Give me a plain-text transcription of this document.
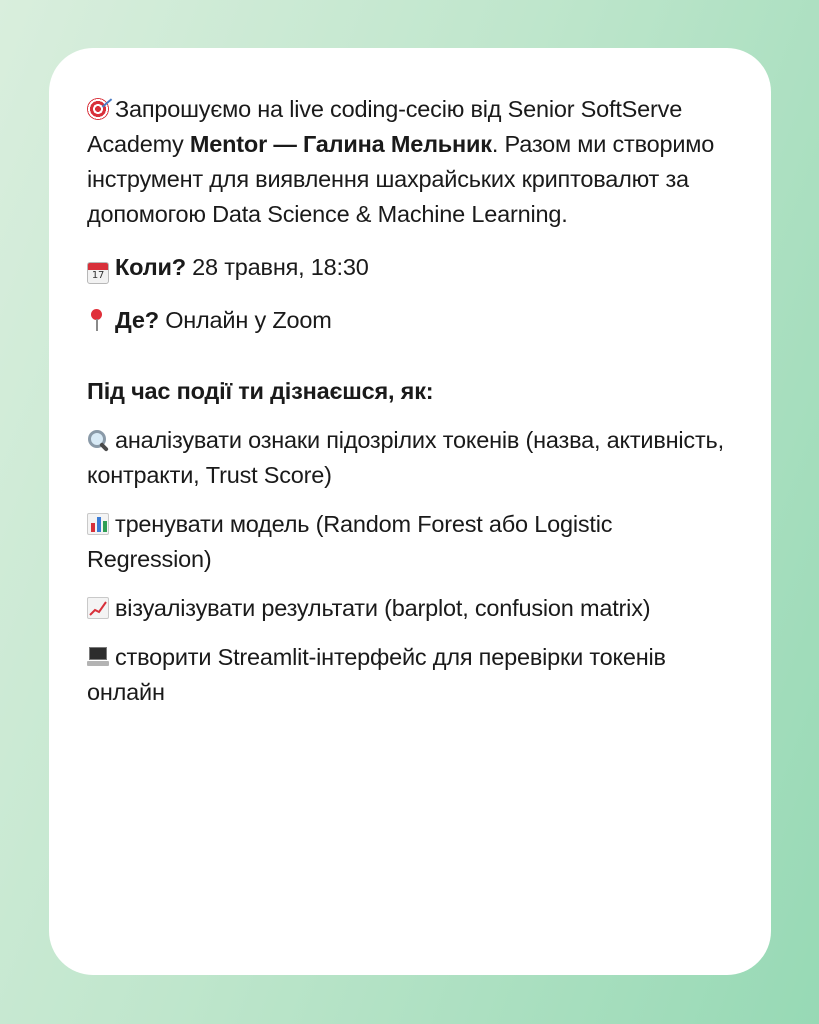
Запрошуємо на live coding-сесію від Senior SoftServe Academy Mentor — Галина Мельник. Разом ми створимо інструмент для виявлення шахрайських криптовалют за допомогою Data Science & Machine Learning.

17 Коли? 28 травня, 18:30

Де? Онлайн у Zoom

Під час події ти дізнаєшся, як:

аналізувати ознаки підозрілих токенів (назва, активність, контракти, Trust Score)

тренувати модель (Random Forest або Logistic Regression)

візуалізувати результати (barplot, confusion matrix)

створити Streamlit-інтерфейс для перевірки токенів онлайн
